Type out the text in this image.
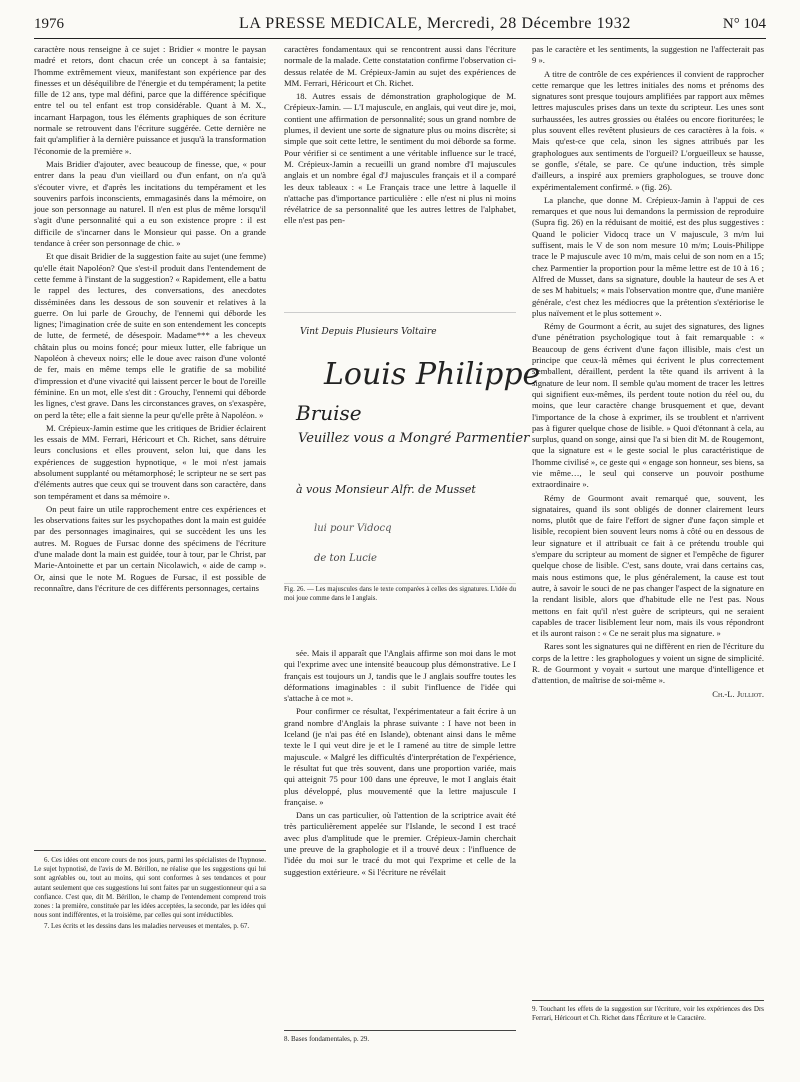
1976	LA PRESSE MEDICALE, Mercredi, 28 Décembre 1932	N° 104

caractère nous renseigne à ce sujet : Bridier « montre le paysan madré et retors, dont chacun crée un concept à sa fantaisie; l'homme extrêmement vieux, manifestant son expérience par des finesses et un déséquilibre de l'énergie et du tempérament; la petite fille de 12 ans, type mal défini, parce que la différence spécifique entre tel ou tel enfant est trop considérable. Quant à M. X., incarnant Harpagon, tous les éléments graphiques de son écriture normale se retrouvent dans l'écriture suggérée. Cette dernière ne fait qu'amplifier à la dernière puissance et jusqu'à la transformation l'économie de la première ».

Mais Bridier d'ajouter, avec beaucoup de finesse, que, « pour entrer dans la peau d'un vieillard ou d'un enfant, on n'a qu'à s'écouter vivre, et d'après les incitations du tempérament et les souvenirs parfois inconscients, emmagasinés dans la mémoire, on joue son personnage au naturel. Il n'en est plus de même lorsqu'il s'agit d'une personnalité qui a eu son existence propre : il est difficile de s'incarner dans le Monsieur qui passe. On a grande tendance à créer son personnage de chic. »

Et que disait Bridier de la suggestion faite au sujet (une femme) qu'elle était Napoléon? Que s'est-il produit dans l'entendement de cette femme à l'instant de la suggestion? « Rapidement, elle a battu le rappel des lectures, des conversations, des anecdotes disséminées dans les dessous de son souvenir et relatives à la guerre. On lui parle de Grouchy, de l'ennemi qui déborde les lignes; l'imagination crée de suite en son entendement les concepts de lutte, de fermeté, de désespoir. Madame*** a les cheveux châtain plus ou moins foncé; pour mieux lutter, elle fabrique un Napoléon à cheveux noirs; elle le doue avec raison d'une volonté de fer, mais en même temps elle le gratifie de sa mobilité d'impression et d'une vivacité qui laissent percer le bout de l'oreille féminine. En un mot, elle s'est dit : Grouchy, l'ennemi qui déborde les lignes, c'est grave. Dans les circonstances graves, on s'exaspère, on perd la tête; elle a fait sienne la peur qu'elle prête à Napoléon. »

M. Crépieux-Jamin estime que les critiques de Bridier éclairent les essais de MM. Ferrari, Héricourt et Ch. Richet, sans détruire leurs conclusions et elles prouvent, selon lui, que dans les expériences de suggestion hypnotique, « le moi n'est jamais absolument supplanté ou métamorphosé; le scripteur ne se sert pas d'éléments autres que ceux qui se trouvent dans son caractère, dans son tempérament et dans sa mémoire ».

On peut faire un utile rapprochement entre ces expériences et les observations faites sur les psychopathes dont la main est guidée par des personnages imaginaires, qui se succèdent les uns les autres. M. Rogues de Fursac donne des spécimens de l'écriture d'une malade dont la main est guidée, tour à tour, par le Christ, par Marie-Antoinette et par un certain Nicolawich, « aide de camp ». Or, ainsi que le note M. Rogues de Fursac, il est possible de reconnaître, dans l'écriture de ces différents personnages, certains

6. Ces idées ont encore cours de nos jours, parmi les spécialistes de l'hypnose. Le sujet hypnotisé, de l'avis de M. Bérillon, ne réalise que les suggestions qui lui sont agréables ou, tout au moins, qui sont conformes à ses tendances et pour autant seulement que ces suggestions lui sont faites par un suggestionneur qui a sa confiance. C'est que, dit M. Bérillon, le champ de l'entendement comprend trois zones : la première, constituée par les idées acceptées, la seconde, par les idées qui nous sont indifférentes, et la troisième, par celles qui sont irréductibles.

7. Les écrits et les dessins dans les maladies nerveuses et mentales, p. 67.

caractères fondamentaux qui se rencontrent aussi dans l'écriture normale de la malade. Cette constatation confirme l'observation ci-dessus relatée de M. Crépieux-Jamin au sujet des expériences de MM. Ferrari, Héricourt et Ch. Richet.

18. Autres essais de démonstration graphologique de M. Crépieux-Jamin. — L'I majuscule, en anglais, qui veut dire je, moi, contient une affirmation de personnalité; sous un grand nombre de plumes, il devient une sorte de signature plus ou moins discrète; si simple que soit cette lettre, le sentiment du moi déborde sa forme. Pour vérifier si ce sentiment a une véritable influence sur le tracé, M. Crépieux-Jamin a recueilli un grand nombre d'I majuscules anglais et un nombre égal d'J majuscules français et il a comparé les deux tableaux : « Le Français trace une lettre à laquelle il n'attache pas d'importance particulière : elle n'est ni plus ni moins révélatrice de sa personnalité que les autres lettres de l'alphabet, elle n'est pas pen-

Vint Depuis Plusieurs Voltaire
Louis Philippe
Bruise
Veuillez vous a Mongré Parmentier
à vous Monsieur Alfr. de Musset
lui pour Vidocq
de ton Lucie
Fig. 26. — Les majuscules dans le texte comparées à celles des signatures. L'idée du moi joue comme dans le I anglais.

sée. Mais il apparaît que l'Anglais affirme son moi dans le mot qui l'exprime avec une intensité beaucoup plus démonstrative. Le I français est toujours un J, tandis que le J anglais souffre toutes les déformations imaginables : il subit l'influence de l'idée qui s'attache à ce mot ».

Pour confirmer ce résultat, l'expérimentateur a fait écrire à un grand nombre d'Anglais la phrase suivante : I have not been in Iceland (je n'ai pas été en Islande), obtenant ainsi dans le même texte le I qui veut dire je et le I ramené au titre de simple lettre majuscule. « Malgré les difficultés d'interprétation de l'expérience, le résultat fut que très souvent, dans une proportion variée, mais qui atteignit 75 pour 100 dans une épreuve, le mot I anglais était plus développé, plus mouvementé que la lettre majuscule I française. »

Dans un cas particulier, où l'attention de la scriptrice avait été très particulièrement appelée sur l'Islande, le second I est tracé avec plus d'amplitude que le premier. Crépieux-Jamin cherchait une preuve de la graphologie et il a trouvé deux : l'influence de l'idée du moi sur le tracé du mot qui l'exprime et celle de la suggestion extérieure. « Si l'écriture ne révélait

8. Bases fondamentales, p. 29.

pas le caractère et les sentiments, la suggestion ne l'affecterait pas 9 ».

A titre de contrôle de ces expériences il convient de rapprocher cette remarque que les lettres initiales des noms et prénoms des signatures sont presque toujours amplifiées par rapport aux mêmes lettres majuscules prises dans un texte du scripteur. Les unes sont surhaussées, les autres grossies ou étalées ou encore fioriturées; le plus souvent elles revêtent plusieurs de ces caractères à la fois. « Mais qu'est-ce que cela, sinon les signes attribués par les graphologues aux sentiments de l'orgueil? L'orgueilleux se hausse, se gonfle, s'étale, se pare. Ce qu'une induction, très simple d'ailleurs, a inspiré aux premiers graphologues, se trouve donc expérimentalement confirmé. » (fig. 26).

La planche, que donne M. Crépieux-Jamin à l'appui de ces remarques et que nous lui demandons la permission de reproduire (Supra fig. 26) en la réduisant de moitié, est des plus suggestives : Quand le policier Vidocq trace un V majuscule, 3 m/m lui suffisent, mais le V de son nom mesure 10 m/m; Louis-Philippe trace le P majuscule avec 10 m/m, mais celui de son nom en a 15; chez Parmentier la proportion pour la même lettre est de 10 à 16 ; Alfred de Musset, dans sa signature, double la hauteur de ses A et de ses M habituels; « mais l'observation montre que, d'une manière générale, c'est chez les médiocres que la prétention s'extériorise le plus naïvement et le plus sottement ».

Rémy de Gourmont a écrit, au sujet des signatures, des lignes d'une pénétration psychologique tout à fait remarquable : « Beaucoup de gens écrivent d'une façon illisible, mais c'est un principe que ceux-là mêmes qui écrivent le plus correctement s'emballent, déraillent, perdent la tête quand ils arrivent à la signature de leur nom. Il semble qu'au moment de tracer les lettres qui signifient eux-mêmes, ils perdent toute notion du réel ou, du moins, que leur caractère change brusquement et que, devant l'importance de la chose à exprimer, ils se troublent et n'arrivent pas à figurer quelque chose de lisible. » Quoi d'étonnant à cela, au surplus, quand on songe, ainsi que l'a si bien dit M. de Rougemont, que la signature est « le geste social le plus caractéristique de l'homme civilisé », ce geste qui « engage son honneur, ses biens, sa vie même…, le seul qui conserve un pouvoir posthume extraordinaire ».

Rémy de Gourmont avait remarqué que, souvent, les signataires, quand ils sont obligés de donner clairement leurs noms, plutôt que de faire l'effort de signer d'une façon simple et lisible, recopient bien souvent leurs noms à côté ou en dessous de leur signature et il attribuait ce fait à ce prétendu trouble qui s'empare du scripteur au moment de signer et l'empêche de figurer quelque chose de lisible. C'est, sans doute, vrai dans certains cas, mais nous estimons que, le plus généralement, la cause est tout autre, à savoir le souci de ne pas changer l'aspect de la signature en la rendant lisible, alors que d'habitude elle ne l'est pas. Nous mettons en fait qu'il n'est guère de scripteurs, qui ne seraient capables de tracer lisiblement leur nom, mais ils vous répondront et ils auront raison : « Ce ne serait plus ma signature. »

Rares sont les signatures qui ne diffèrent en rien de l'écriture du corps de la lettre : les graphologues y voient un signe de simplicité. R. de Gourmont y voyait « surtout une marque d'intelligence et d'attention, de maîtrise de soi-même ».

Ch.-L. Julliot.

9. Touchant les effets de la suggestion sur l'écriture, voir les expériences des Drs Ferrari, Héricourt et Ch. Richet dans l'Écriture et le Caractère.
